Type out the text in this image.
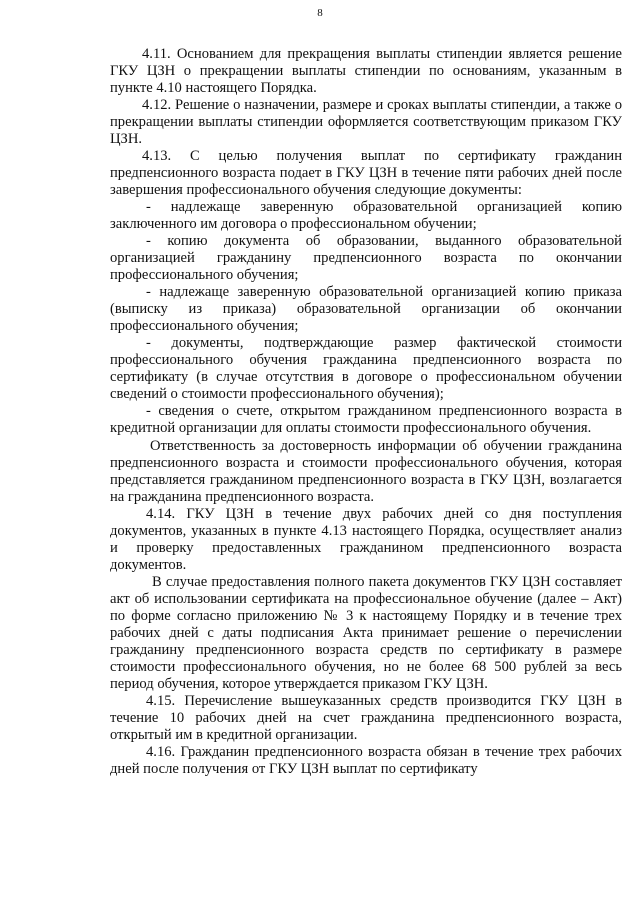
8

4.11. Основанием для прекращения выплаты стипендии является решение ГКУ ЦЗН о прекращении выплаты стипендии по основаниям, указанным в пункте 4.10 настоящего Порядка.

4.12. Решение о назначении, размере и сроках выплаты стипендии, а также о прекращении выплаты стипендии оформляется соответствующим приказом ГКУ ЦЗН.

4.13. С целью получения выплат по сертификату гражданин предпенсионного возраста подает в ГКУ ЦЗН в течение пяти рабочих дней после завершения профессионального обучения следующие документы:

- надлежаще заверенную образовательной организацией копию заключенного им договора о профессиональном обучении;

- копию документа об образовании, выданного образовательной организацией гражданину предпенсионного возраста по окончании профессионального обучения;

- надлежаще заверенную образовательной организацией копию приказа (выписку из приказа) образовательной организации об окончании профессионального обучения;

- документы, подтверждающие размер фактической стоимости профессионального обучения гражданина предпенсионного возраста по сертификату (в случае отсутствия в договоре о профессиональном обучении сведений о стоимости профессионального обучения);

- сведения о счете, открытом гражданином предпенсионного возраста в кредитной организации для оплаты стоимости профессионального обучения.

Ответственность за достоверность информации об обучении гражданина предпенсионного возраста и стоимости профессионального обучения, которая представляется гражданином предпенсионного возраста в ГКУ ЦЗН, возлагается на гражданина предпенсионного возраста.

4.14. ГКУ ЦЗН в течение двух рабочих дней со дня поступления документов, указанных в пункте 4.13 настоящего Порядка, осуществляет анализ и проверку предоставленных гражданином предпенсионного возраста документов.

В случае предоставления полного пакета документов ГКУ ЦЗН составляет акт об использовании сертификата на профессиональное обучение (далее – Акт) по форме согласно приложению № 3 к настоящему Порядку и в течение трех рабочих дней с даты подписания Акта принимает решение о перечислении гражданину предпенсионного возраста средств по сертификату в размере стоимости профессионального обучения, но не более 68 500 рублей за весь период обучения, которое утверждается приказом ГКУ ЦЗН.

4.15. Перечисление вышеуказанных средств производится ГКУ ЦЗН в течение 10 рабочих дней на счет гражданина предпенсионного возраста, открытый им в кредитной организации.

4.16. Гражданин предпенсионного возраста обязан в течение трех рабочих дней после получения от ГКУ ЦЗН выплат по сертификату
